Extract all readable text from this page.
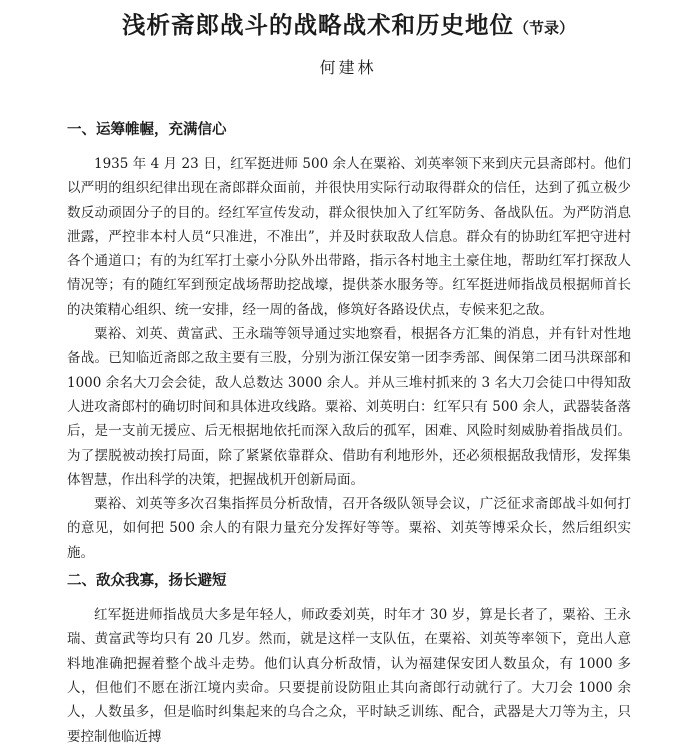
浅析斋郎战斗的战略战术和历史地位（节录）
何建林
一、运筹帷幄，充满信心

1935 年 4 月 23 日，红军挺进师 500 余人在粟裕、刘英率领下来到庆元县斋郎村。他们以严明的组织纪律出现在斋郎群众面前，并很快用实际行动取得群众的信任，达到了孤立极少数反动顽固分子的目的。经红军宣传发动，群众很快加入了红军防务、备战队伍。为严防消息泄露，严控非本村人员“只准进，不准出”，并及时获取敌人信息。群众有的协助红军把守进村各个通道口；有的为红军打土豪小分队外出带路，指示各村地主土豪住地，帮助红军打探敌人情况等；有的随红军到预定战场帮助挖战壕，提供茶水服务等。红军挺进师指战员根据师首长的决策精心组织、统一安排，经一周的备战，修筑好各路设伏点，专候来犯之敌。

粟裕、刘英、黄富武、王永瑞等领导通过实地察看，根据各方汇集的消息，并有针对性地备战。已知临近斋郎之敌主要有三股，分别为浙江保安第一团李秀部、闽保第二团马洪琛部和 1000 余名大刀会会徒，敌人总数达 3000 余人。并从三堆村抓来的 3 名大刀会徒口中得知敌人进攻斋郎村的确切时间和具体进攻线路。粟裕、刘英明白：红军只有 500 余人，武器装备落后，是一支前无援应、后无根据地依托而深入敌后的孤军，困难、风险时刻威胁着指战员们。为了摆脱被动挨打局面，除了紧紧依靠群众、借助有利地形外，还必须根据敌我情形，发挥集体智慧，作出科学的决策，把握战机开创新局面。

粟裕、刘英等多次召集指挥员分析敌情，召开各级队领导会议，广泛征求斋郎战斗如何打的意见，如何把 500 余人的有限力量充分发挥好等等。粟裕、刘英等博采众长，然后组织实施。

二、敌众我寡，扬长避短

红军挺进师指战员大多是年轻人，师政委刘英，时年才 30 岁，算是长者了，粟裕、王永瑞、黄富武等均只有 20 几岁。然而，就是这样一支队伍，在粟裕、刘英等率领下，竟出人意料地准确把握着整个战斗走势。他们认真分析敌情，认为福建保安团人数虽众，有 1000 多人，但他们不愿在浙江境内卖命。只要提前设防阻止其向斋郎行动就行了。大刀会 1000 余人，人数虽多，但是临时纠集起来的乌合之众，平时缺乏训练、配合，武器是大刀等为主，只要控制他临近搏
